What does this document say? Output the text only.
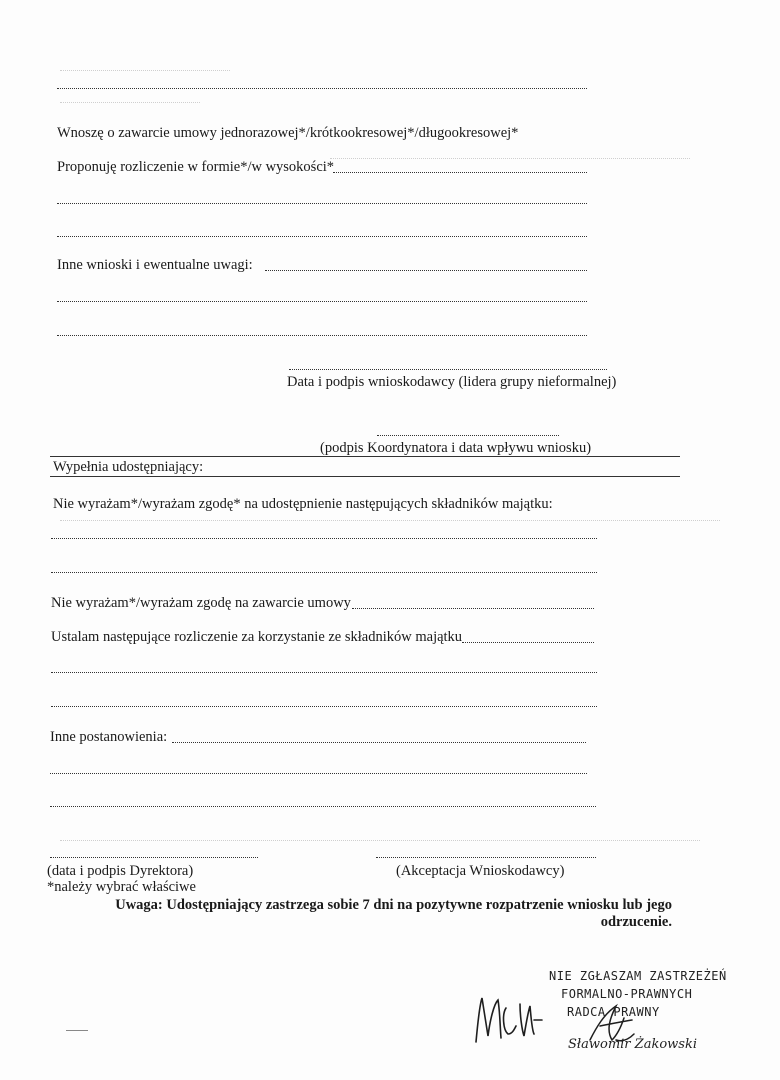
Wnoszę o zawarcie umowy jednorazowej*/krótkookresowej*/długookresowej*
Proponuję rozliczenie w formie*/w wysokości*
Inne wnioski i ewentualne uwagi:
Data i podpis wnioskodawcy (lidera grupy nieformalnej)
(podpis Koordynatora i data wpływu wniosku)
Wypełnia udostępniający:
Nie wyrażam*/wyrażam zgodę* na udostępnienie następujących składników majątku:
Nie wyrażam*/wyrażam zgodę na zawarcie umowy
Ustalam następujące rozliczenie za korzystanie ze składników majątku
Inne postanowienia:
(data i podpis Dyrektora)	(Akceptacja Wnioskodawcy)
*należy wybrać właściwe
Uwaga: Udostępniający zastrzega sobie 7 dni na pozytywne rozpatrzenie wniosku lub jego
odrzucenie.
NIE ZGŁASZAM ZASTRZEŻEŃ
FORMALNO-PRAWNYCH
RADCA PRAWNY
Sławomir Żakowski
